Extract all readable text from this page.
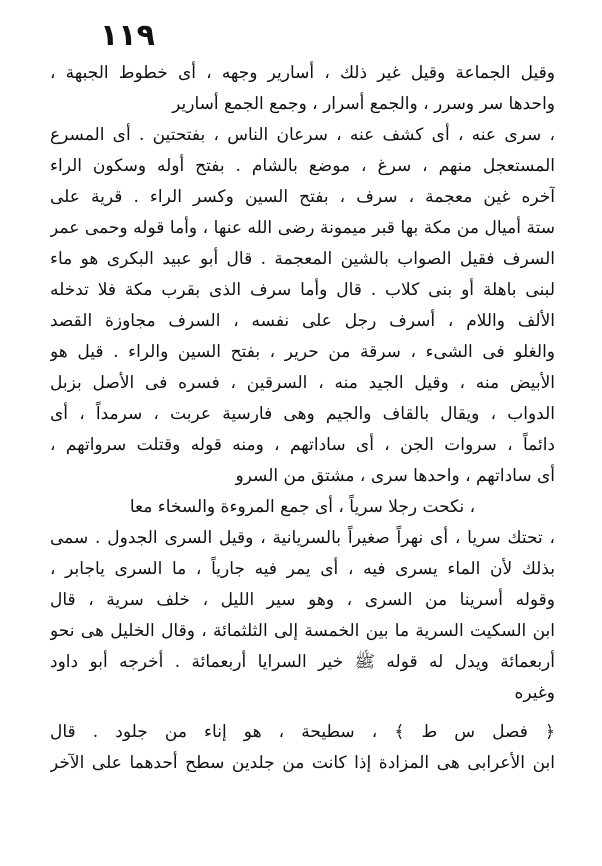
١١٩
وقيل الجماعة وقيل غير ذلك ، أسارير وجهه ، أى خطوط الجبهة ،
واحدها سر وسرر ، والجمع أسرار ، وجمع الجمع أسارير
، سرى عنه ، أى كشف عنه ، سرعان الناس ، بفتحتين . أى المسرع
المستعجل منهم ، سرغ ، موضع بالشام . بفتح أوله وسكون الراء
آخره غين معجمة ، سرف ، بفتح السين وكسر الراء . قرية على
ستة أميال من مكة بها قبر ميمونة رضى الله عنها ، وأما قوله وحمى عمر
السرف فقيل الصواب بالشين المعجمة . قال أبو عبيد البكرى هو ماء
لبنى باهلة أو بنى كلاب . قال وأما سرف الذى بقرب مكة فلا تدخله
الألف واللام ، أسرف رجل على نفسه ، السرف مجاوزة القصد
والغلو فى الشىء ، سرقة من حرير ، بفتح السين والراء . قيل هو
الأبيض منه ، وقيل الجيد منه ، السرقين ، فسره فى الأصل بزبل
الدواب ، ويقال بالقاف والجيم وهى فارسية عربت ، سرمداً ، أى
دائماً ، سروات الجن ، أى ساداتهم ، ومنه قوله وقتلت سرواتهم ،
أى ساداتهم ، واحدها سرى ، مشتق من السرو
، نكحت رجلا سرياً ، أى جمع المروءة والسخاء معا
، تحتك سريا ، أى نهراً صغيراً بالسريانية ، وقيل السرى الجدول . سمى
بذلك لأن الماء يسرى فيه ، أى يمر فيه جارياً ، ما السرى ياجابر ،
وقوله أسرينا من السرى ، وهو سير الليل ، خلف سرية ، قال
ابن السكيت السرية ما بين الخمسة إلى الثلثمائة ، وقال الخليل هى نحو
أربعمائة ويدل له قوله ﷺ خير السرايا أربعمائة . أخرجه أبو داود
وغيره
﴿ فصل س ط ﴾ ، سطيحة ، هو إناء من جلود . قال
ابن الأعرابى هى المزادة إذا كانت من جلدين سطح أحدهما على الآخر
